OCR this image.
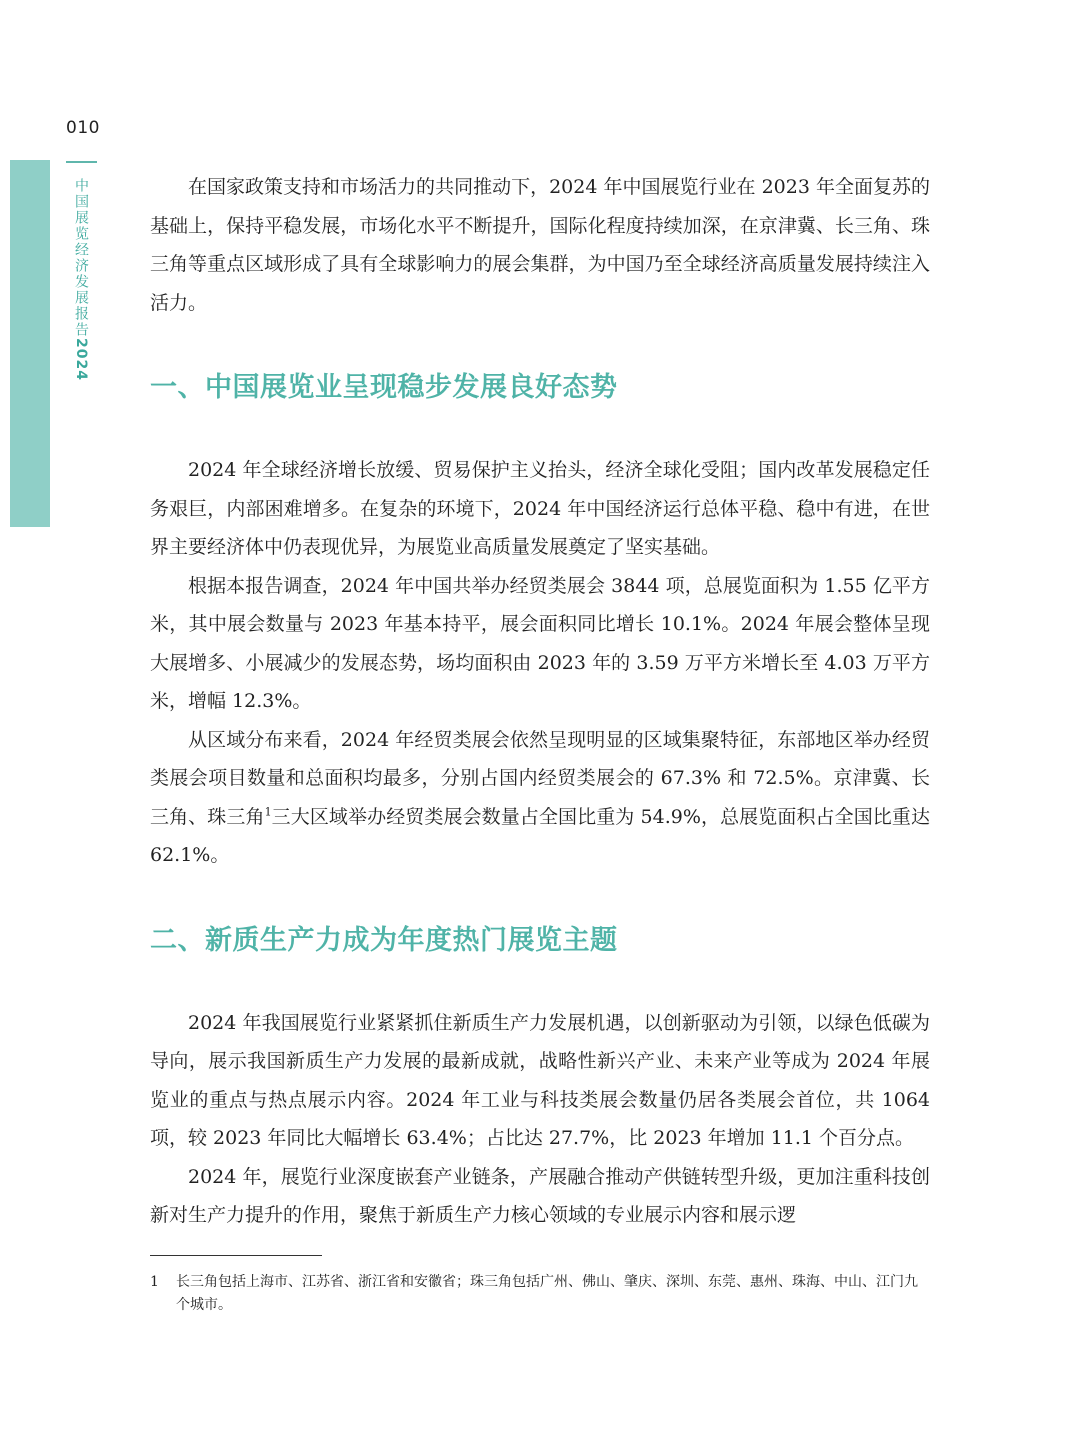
010
中国展览经济发展报告2024

在国家政策支持和市场活力的共同推动下，2024 年中国展览行业在 2023 年全面复苏的基础上，保持平稳发展，市场化水平不断提升，国际化程度持续加深，在京津冀、长三角、珠三角等重点区域形成了具有全球影响力的展会集群，为中国乃至全球经济高质量发展持续注入活力。

一、中国展览业呈现稳步发展良好态势

2024 年全球经济增长放缓、贸易保护主义抬头，经济全球化受阻；国内改革发展稳定任务艰巨，内部困难增多。在复杂的环境下，2024 年中国经济运行总体平稳、稳中有进，在世界主要经济体中仍表现优异，为展览业高质量发展奠定了坚实基础。

根据本报告调查，2024 年中国共举办经贸类展会 3844 项，总展览面积为 1.55 亿平方米，其中展会数量与 2023 年基本持平，展会面积同比增长 10.1%。2024 年展会整体呈现大展增多、小展减少的发展态势，场均面积由 2023 年的 3.59 万平方米增长至 4.03 万平方米，增幅 12.3%。

从区域分布来看，2024 年经贸类展会依然呈现明显的区域集聚特征，东部地区举办经贸类展会项目数量和总面积均最多，分别占国内经贸类展会的 67.3% 和 72.5%。京津冀、长三角、珠三角$^1$三大区域举办经贸类展会数量占全国比重为 54.9%，总展览面积占全国比重达 62.1%。

二、新质生产力成为年度热门展览主题

2024 年我国展览行业紧紧抓住新质生产力发展机遇，以创新驱动为引领，以绿色低碳为导向，展示我国新质生产力发展的最新成就，战略性新兴产业、未来产业等成为 2024 年展览业的重点与热点展示内容。2024 年工业与科技类展会数量仍居各类展会首位，共 1064 项，较 2023 年同比大幅增长 63.4%；占比达 27.7%，比 2023 年增加 11.1 个百分点。

2024 年，展览行业深度嵌套产业链条，产展融合推动产供链转型升级，更加注重科技创新对生产力提升的作用，聚焦于新质生产力核心领域的专业展示内容和展示逻

1 长三角包括上海市、江苏省、浙江省和安徽省；珠三角包括广州、佛山、肇庆、深圳、东莞、惠州、珠海、中山、江门九个城市。
